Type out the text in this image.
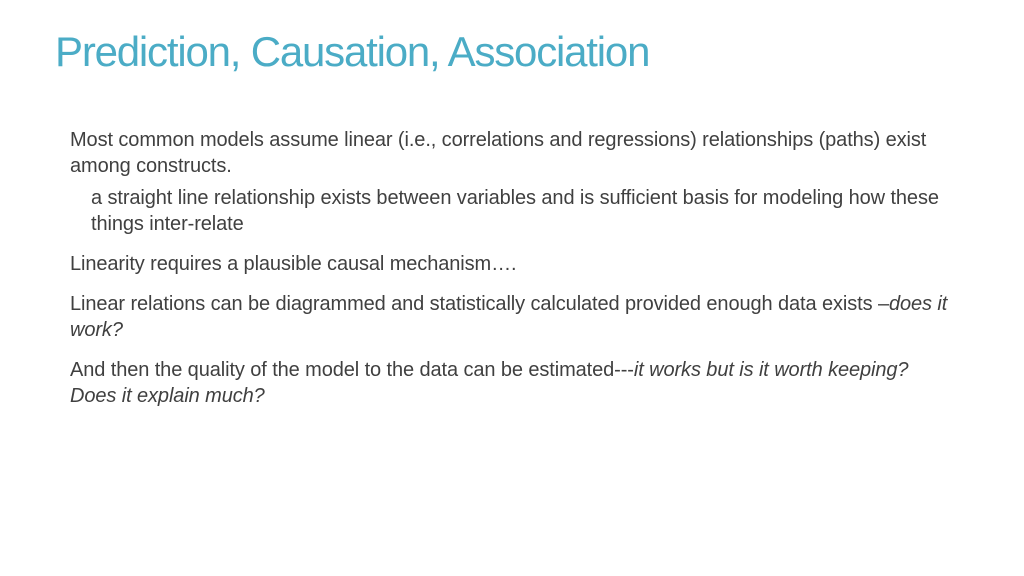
Prediction, Causation, Association

Most common models assume linear (i.e., correlations and regressions) relationships (paths) exist among constructs.

a straight line relationship exists between variables and is sufficient basis for modeling how these things inter-relate

Linearity requires a plausible causal mechanism….

Linear relations can be diagrammed and statistically calculated provided enough data exists –does it work?

And then the quality of the model to the data can be estimated---it works but is it worth keeping? Does it explain much?
